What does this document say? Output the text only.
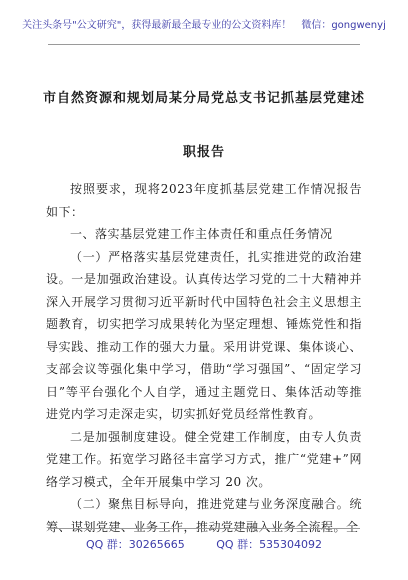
关注头条号"公文研究"，获得最新最全最专业的公文资料库！ 微信：gongwenyj
市自然资源和规划局某分局党总支书记抓基层党建述职报告

按照要求，现将2023年度抓基层党建工作情况报告如下：

一、落实基层党建工作主体责任和重点任务情况

（一）严格落实基层党建责任，扎实推进党的政治建设。一是加强政治建设。认真传达学习党的二十大精神并深入开展学习贯彻习近平新时代中国特色社会主义思想主题教育，切实把学习成果转化为坚定理想、锤炼党性和指导实践、推动工作的强大力量。采用讲党课、集体谈心、支部会议等强化集中学习，借助“学习强国”、“固定学习日”等平台强化个人自学，通过主题党日、集体活动等推进党内学习走深走实，切实抓好党员经常性教育。

二是加强制度建设。健全党建工作制度，由专人负责党建工作。拓宽学习路径丰富学习方式，推广“党建+”网络学习模式，全年开展集中学习 20 次。

（二）聚焦目标导向，推进党建与业务深度融合。统筹、谋划党建、业务工作，推动党建融入业务全流程。全

QQ 群：30265665	QQ 群：535304092
